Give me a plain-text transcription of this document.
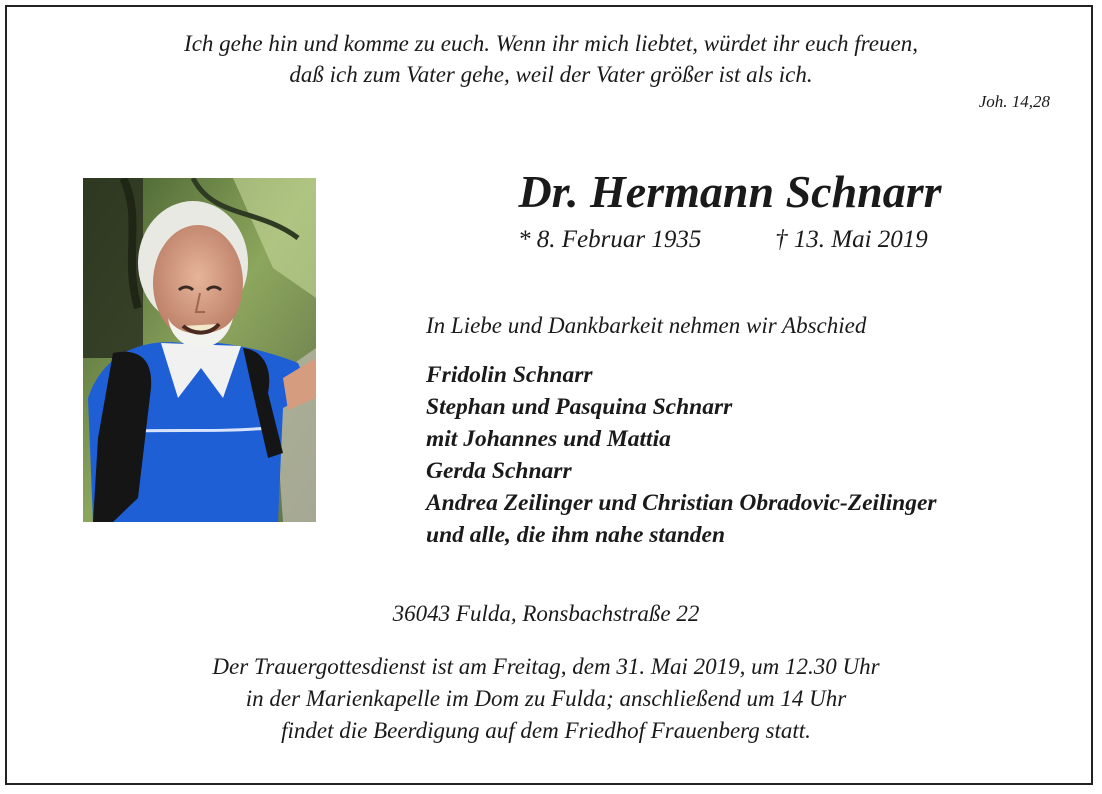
Ich gehe hin und komme zu euch. Wenn ihr mich liebtet, würdet ihr euch freuen,
daß ich zum Vater gehe, weil der Vater größer ist als ich.
Joh. 14,28
Dr. Hermann Schnarr
* 8. Februar 1935	† 13. Mai 2019
In Liebe und Dankbarkeit nehmen wir Abschied
Fridolin Schnarr
Stephan und Pasquina Schnarr
mit Johannes und Mattia
Gerda Schnarr
Andrea Zeilinger und Christian Obradovic-Zeilinger
und alle, die ihm nahe standen
36043 Fulda, Ronsbachstraße 22
Der Trauergottesdienst ist am Freitag, dem 31. Mai 2019, um 12.30 Uhr
in der Marienkapelle im Dom zu Fulda; anschließend um 14 Uhr
findet die Beerdigung auf dem Friedhof Frauenberg statt.
